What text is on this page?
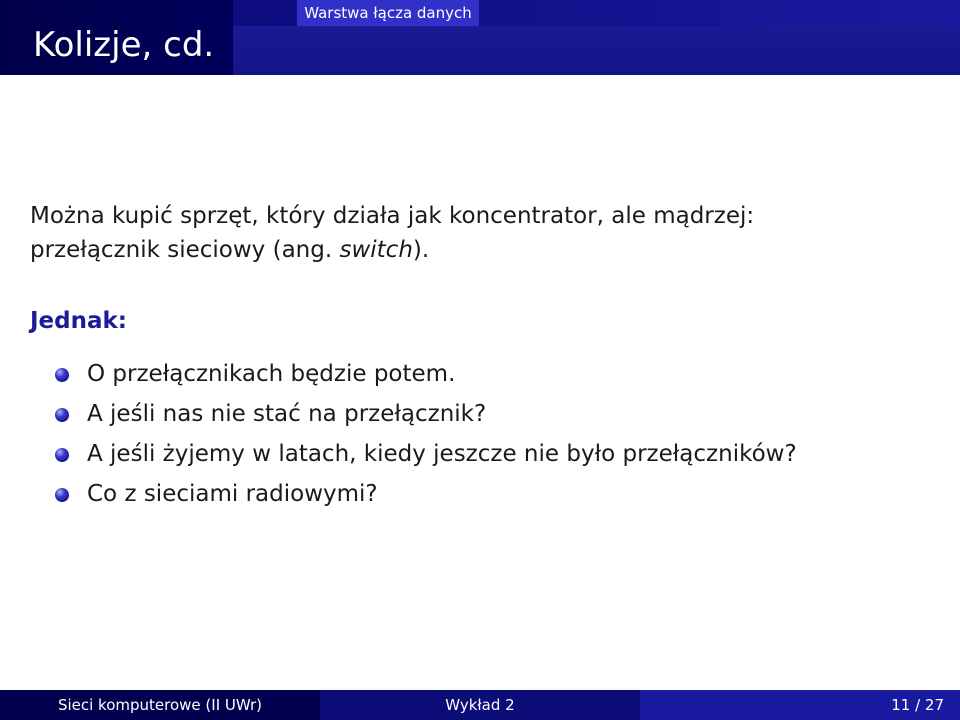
Warstwa łącza danych
Kolizje, cd.
Można kupić sprzęt, który działa jak koncentrator, ale mądrzej:
przełącznik sieciowy (ang. switch).
Jednak:
O przełącznikach będzie potem.
A jeśli nas nie stać na przełącznik?
A jeśli żyjemy w latach, kiedy jeszcze nie było przełączników?
Co z sieciami radiowymi?
Sieci komputerowe (II UWr)	Wykład 2	11 / 27
